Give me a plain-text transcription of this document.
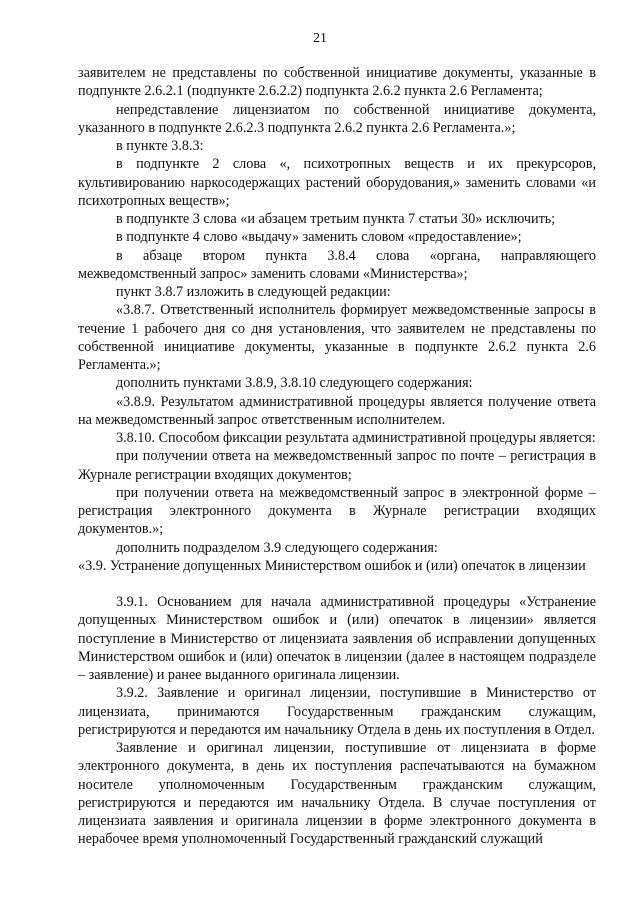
21

заявителем не представлены по собственной инициативе документы, указанные в подпункте 2.6.2.1 (подпункте 2.6.2.2) подпункта 2.6.2 пункта 2.6 Регламента;

непредставление лицензиатом по собственной инициативе документа, указанного в подпункте 2.6.2.3 подпункта 2.6.2 пункта 2.6 Регламента.»;

в пункте 3.8.3:

в подпункте 2 слова «, психотропных веществ и их прекурсоров, культивированию наркосодержащих растений оборудования,» заменить словами «и психотропных веществ»;

в подпункте 3 слова «и абзацем третьим пункта 7 статьи 30» исключить;

в подпункте 4 слово «выдачу» заменить словом «предоставление»;

в абзаце втором пункта 3.8.4 слова «органа, направляющего межведомственный запрос» заменить словами «Министерства»;

пункт 3.8.7 изложить в следующей редакции:

«3.8.7. Ответственный исполнитель формирует межведомственные запросы в течение 1 рабочего дня со дня установления, что заявителем не представлены по собственной инициативе документы, указанные в подпункте 2.6.2 пункта 2.6 Регламента.»;

дополнить пунктами 3.8.9, 3.8.10 следующего содержания:

«3.8.9. Результатом административной процедуры является получение ответа на межведомственный запрос ответственным исполнителем.

3.8.10. Способом фиксации результата административной процедуры является:

при получении ответа на межведомственный запрос по почте – регистрация в Журнале регистрации входящих документов;

при получении ответа на межведомственный запрос в электронной форме – регистрация электронного документа в Журнале регистрации входящих документов.»;

дополнить подразделом 3.9 следующего содержания:

«3.9. Устранение допущенных Министерством ошибок и (или) опечаток в лицензии

3.9.1. Основанием для начала административной процедуры «Устранение допущенных Министерством ошибок и (или) опечаток в лицензии» является поступление в Министерство от лицензиата заявления об исправлении допущенных Министерством ошибок и (или) опечаток в лицензии (далее в настоящем подразделе – заявление) и ранее выданного оригинала лицензии.

3.9.2. Заявление и оригинал лицензии, поступившие в Министерство от лицензиата, принимаются Государственным гражданским служащим, регистрируются и передаются им начальнику Отдела в день их поступления в Отдел.

Заявление и оригинал лицензии, поступившие от лицензиата в форме электронного документа, в день их поступления распечатываются на бумажном носителе уполномоченным Государственным гражданским служащим, регистрируются и передаются им начальнику Отдела. В случае поступления от лицензиата заявления и оригинала лицензии в форме электронного документа в нерабочее время уполномоченный Государственный гражданский служащий
